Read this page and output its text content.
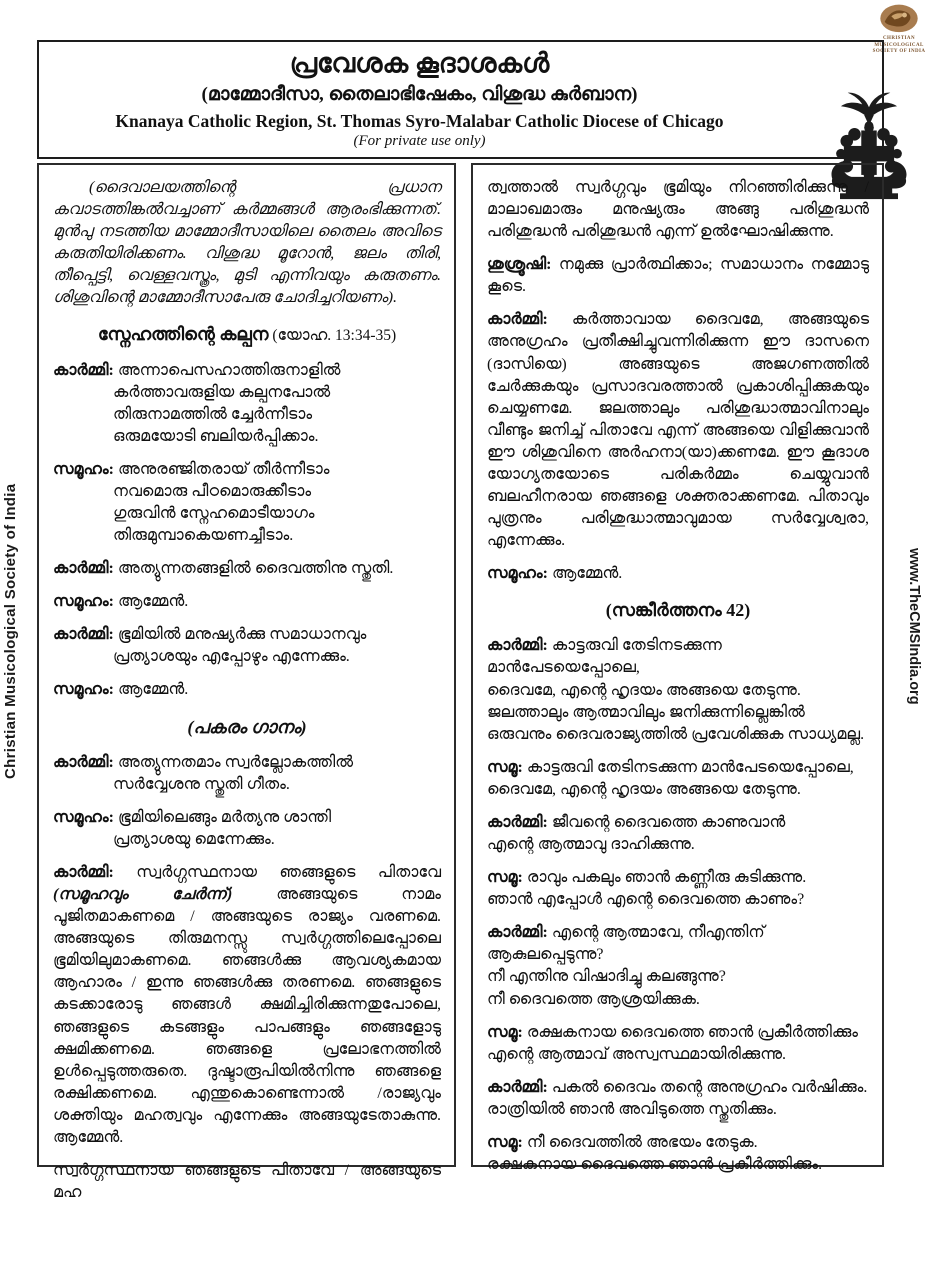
CHRISTIAN
MUSICOLOGICAL
SOCIETY OF INDIA
പ്രവേശക കൂദാശകൾ
(മാമ്മോദീസാ, തൈലാഭിഷേകം, വിശുദ്ധ കുർബാന)
Knanaya Catholic Region, St. Thomas Syro-Malabar Catholic Diocese of Chicago
(For private use only)
Christian Musicological Society of India	www.TheCMSIndia.org
(ദൈവാലയത്തിന്റെ പ്രധാന കവാടത്തിങ്കൽവച്ചാണ് കർമ്മങ്ങൾ ആരംഭിക്കുന്നത്. മുൻപു നടത്തിയ മാമ്മോദീസായിലെ തൈലം അവിടെ കരുതിയിരിക്കണം. വിശുദ്ധ മൂറോൻ, ജലം തിരി, തീപ്പെട്ടി, വെള്ളവസ്ത്രം, മുടി എന്നിവയും കരുതണം. ശിശുവിന്റെ മാമ്മോദീസാപേരു ചോദിച്ചറിയണം).
സ്നേഹത്തിന്റെ കല്പന (യോഹ. 13:34-35)
കാർമ്മി: അന്നാപെസഹാത്തിരുനാളിൽ
കർത്താവരുളിയ കല്പനപോൽ
തിരുനാമത്തിൽ ച്ചേർന്നീടാം
ഒരുമയോടി ബലിയർപ്പിക്കാം.
സമൂഹം: അനുരഞ്ജിതരായ് തീർന്നീടാം
നവമൊരു പീഠമൊരുക്കീടാം
ഗുരുവിൻ സ്നേഹമൊടീയാഗം
തിരുമുമ്പാകെയണച്ചീടാം.
കാർമ്മി: അത്യുന്നതങ്ങളിൽ ദൈവത്തിനു സ്തുതി.
സമൂഹം: ആമ്മേൻ.
കാർമ്മി: ഭൂമിയിൽ മനുഷ്യർക്കു സമാധാനവും
പ്രത്യാശയും എപ്പോഴും എന്നേക്കും.
സമൂഹം: ആമ്മേൻ.
(പകരം ഗാനം)
കാർമ്മി: അത്യുന്നതമാം സ്വർല്ലോകത്തിൽ
സർവ്വേശനു സ്തുതി ഗീതം.
സമൂഹം: ഭൂമിയിലെങ്ങും മർത്യനു ശാന്തി
പ്രത്യാശയു മെന്നേക്കും.
കാർമ്മി: സ്വർഗ്ഗസ്ഥനായ ഞങ്ങളുടെ പിതാവേ (സമൂഹവും ചേർന്ന്) അങ്ങയുടെ നാമം പൂജിതമാകണമെ / അങ്ങയുടെ രാജ്യം വരണമെ. അങ്ങയുടെ തിരുമനസ്സു സ്വർഗ്ഗത്തിലെപ്പോലെ ഭൂമിയിലുമാകണമെ. ഞങ്ങൾക്കു ആവശ്യകമായ ആഹാരം / ഇന്നു ഞങ്ങൾക്കു തരണമെ. ഞങ്ങളുടെ കടക്കാരോടു ഞങ്ങൾ ക്ഷമിച്ചിരിക്കുന്നതുപോലെ, ഞങ്ങളുടെ കടങ്ങളും പാപങ്ങളും ഞങ്ങളോടു ക്ഷമിക്കണമെ. ഞങ്ങളെ പ്രലോഭനത്തിൽ ഉൾപ്പെടുത്തരുതെ. ദുഷ്ടാരൂപിയിൽനിന്നു ഞങ്ങളെ രക്ഷിക്കണമെ. എന്തുകൊണ്ടെന്നാൽ /രാജ്യവും ശക്തിയും മഹത്വവും എന്നേക്കും അങ്ങയുടേതാകുന്നു. ആമ്മേൻ.
സ്വർഗ്ഗസ്ഥനായ ഞങ്ങളുടെ പിതാവേ / അങ്ങയുടെ മഹ
ത്വത്താൽ സ്വർഗ്ഗവും ഭൂമിയും നിറഞ്ഞിരിക്കുന്നു / മാലാഖമാരും മനുഷ്യരും അങ്ങു പരിശുദ്ധൻ പരിശുദ്ധൻ പരിശുദ്ധൻ എന്ന് ഉൽഘോഷിക്കുന്നു.
ശുശ്രൂഷി: നമുക്കു പ്രാർത്ഥിക്കാം; സമാധാനം നമ്മോടു കൂടെ.
കാർമ്മി: കർത്താവായ ദൈവമേ, അങ്ങയുടെ അനുഗ്രഹം പ്രതീക്ഷിച്ചുവന്നിരിക്കുന്ന ഈ ദാസനെ (ദാസിയെ) അങ്ങയുടെ അജഗണത്തിൽ ചേർക്കുകയും പ്രസാദവരത്താൽ പ്രകാശിപ്പിക്കുകയും ചെയ്യണമേ. ജലത്താലും പരിശുദ്ധാത്മാവിനാലും വീണ്ടും ജനിച്ച് പിതാവേ എന്ന് അങ്ങയെ വിളിക്കുവാൻ ഈ ശിശുവിനെ അർഹനാ(യാ)ക്കണമേ. ഈ കൂദാശ യോഗ്യതയോടെ പരികർമ്മം ചെയ്യുവാൻ ബലഹീനരായ ഞങ്ങളെ ശക്തരാക്കണമേ. പിതാവും പുത്രനും പരിശുദ്ധാത്മാവുമായ സർവ്വേശ്വരാ, എന്നേക്കും.
സമൂഹം: ആമ്മേൻ.
(സങ്കീർത്തനം 42)
കാർമ്മി: കാട്ടരുവി തേടിനടക്കുന്ന മാൻപേടയെപ്പോലെ,
ദൈവമേ, എന്റെ ഹൃദയം അങ്ങയെ തേടുന്നു.
ജലത്താലും ആത്മാവിലും ജനിക്കുന്നില്ലെങ്കിൽ
ഒരുവനും ദൈവരാജ്യത്തിൽ പ്രവേശിക്കുക സാധ്യമല്ല.
സമൂ: കാട്ടരുവി തേടിനടക്കുന്ന മാൻപേടയെപ്പോലെ,
ദൈവമേ, എന്റെ ഹൃദയം അങ്ങയെ തേടുന്നു.
കാർമ്മി: ജീവന്റെ ദൈവത്തെ കാണുവാൻ
എന്റെ ആത്മാവു ദാഹിക്കുന്നു.
സമൂ: രാവും പകലും ഞാൻ കണ്ണീരു കുടിക്കുന്നു.
ഞാൻ എപ്പോൾ എന്റെ ദൈവത്തെ കാണും?
കാർമ്മി: എന്റെ ആത്മാവേ, നീഎന്തിന് ആകുലപ്പെടുന്നു?
നീ എന്തിനു വിഷാദിച്ചു കലങ്ങുന്നു?
നീ ദൈവത്തെ ആശ്രയിക്കുക.
സമൂ: രക്ഷകനായ ദൈവത്തെ ഞാൻ പ്രകീർത്തിക്കും
എന്റെ ആത്മാവ് അസ്വസ്ഥമായിരിക്കുന്നു.
കാർമ്മി: പകൽ ദൈവം തന്റെ അനുഗ്രഹം വർഷിക്കും.
രാത്രിയിൽ ഞാൻ അവിടുത്തെ സ്തുതിക്കും.
സമൂ: നീ ദൈവത്തിൽ അഭയം തേടുക.
രക്ഷകനായ ദൈവത്തെ ഞാൻ പ്രകീർത്തിക്കും.
